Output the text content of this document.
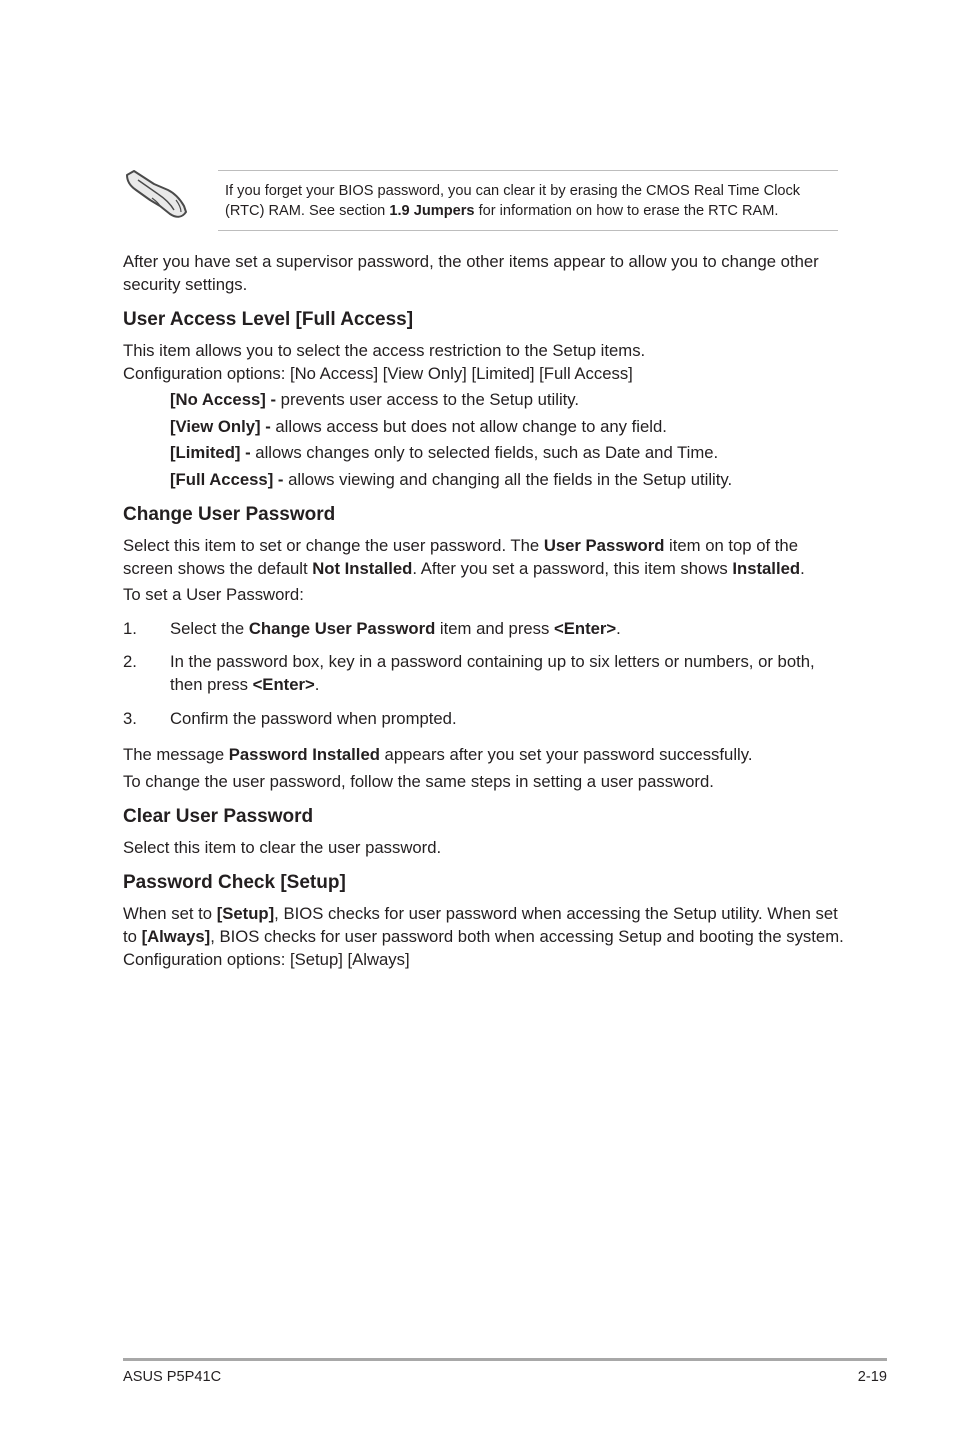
If you forget your BIOS password, you can clear it by erasing the CMOS Real Time Clock (RTC) RAM. See section 1.9 Jumpers for information on how to erase the RTC RAM.
After you have set a supervisor password, the other items appear to allow you to change other security settings.
User Access Level [Full Access]
This item allows you to select the access restriction to the Setup items.
Configuration options: [No Access] [View Only] [Limited] [Full Access]
[No Access] - prevents user access to the Setup utility.
[View Only] - allows access but does not allow change to any field.
[Limited] - allows changes only to selected fields, such as Date and Time.
[Full Access] - allows viewing and changing all the fields in the Setup utility.
Change User Password
Select this item to set or change the user password. The User Password item on top of the screen shows the default Not Installed. After you set a password, this item shows Installed.
To set a User Password:
1. Select the Change User Password item and press <Enter>.
2. In the password box, key in a password containing up to six letters or numbers, or both, then press <Enter>.
3. Confirm the password when prompted.
The message Password Installed appears after you set your password successfully.
To change the user password, follow the same steps in setting a user password.
Clear User Password
Select this item to clear the user password.
Password Check [Setup]
When set to [Setup], BIOS checks for user password when accessing the Setup utility. When set to [Always], BIOS checks for user password both when accessing Setup and booting the system. Configuration options: [Setup] [Always]
ASUS P5P41C	2-19
